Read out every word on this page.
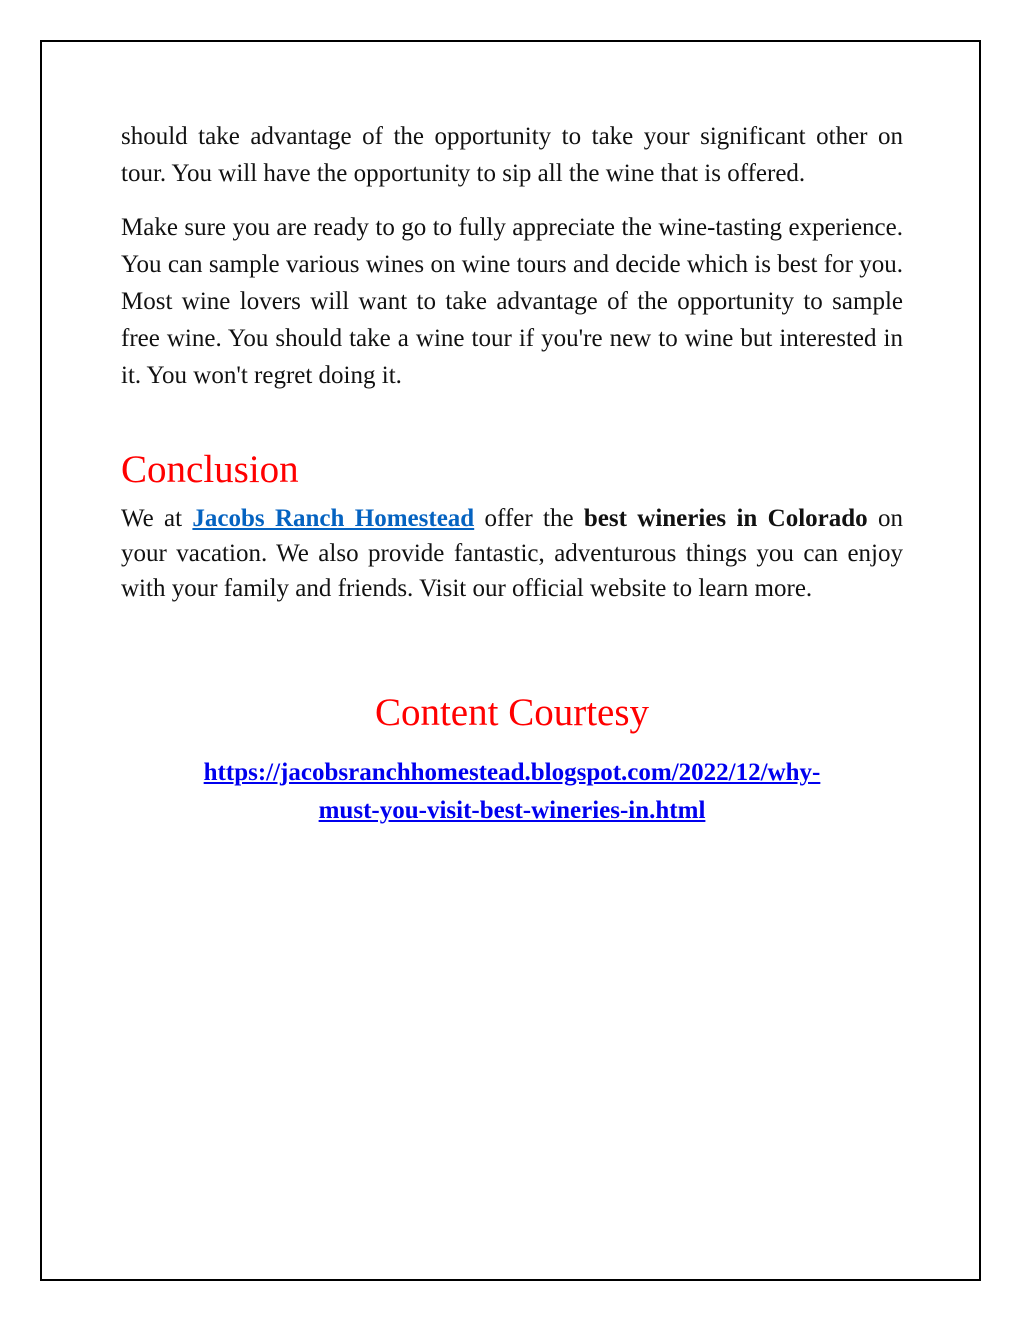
should take advantage of the opportunity to take your significant other on tour. You will have the opportunity to sip all the wine that is offered.

Make sure you are ready to go to fully appreciate the wine-tasting experience. You can sample various wines on wine tours and decide which is best for you. Most wine lovers will want to take advantage of the opportunity to sample free wine. You should take a wine tour if you're new to wine but interested in it. You won't regret doing it.

Conclusion

We at Jacobs Ranch Homestead offer the best wineries in Colorado on your vacation. We also provide fantastic, adventurous things you can enjoy with your family and friends. Visit our official website to learn more.

Content Courtesy
https://jacobsranchhomestead.blogspot.com/2022/12/why-
must-you-visit-best-wineries-in.html
